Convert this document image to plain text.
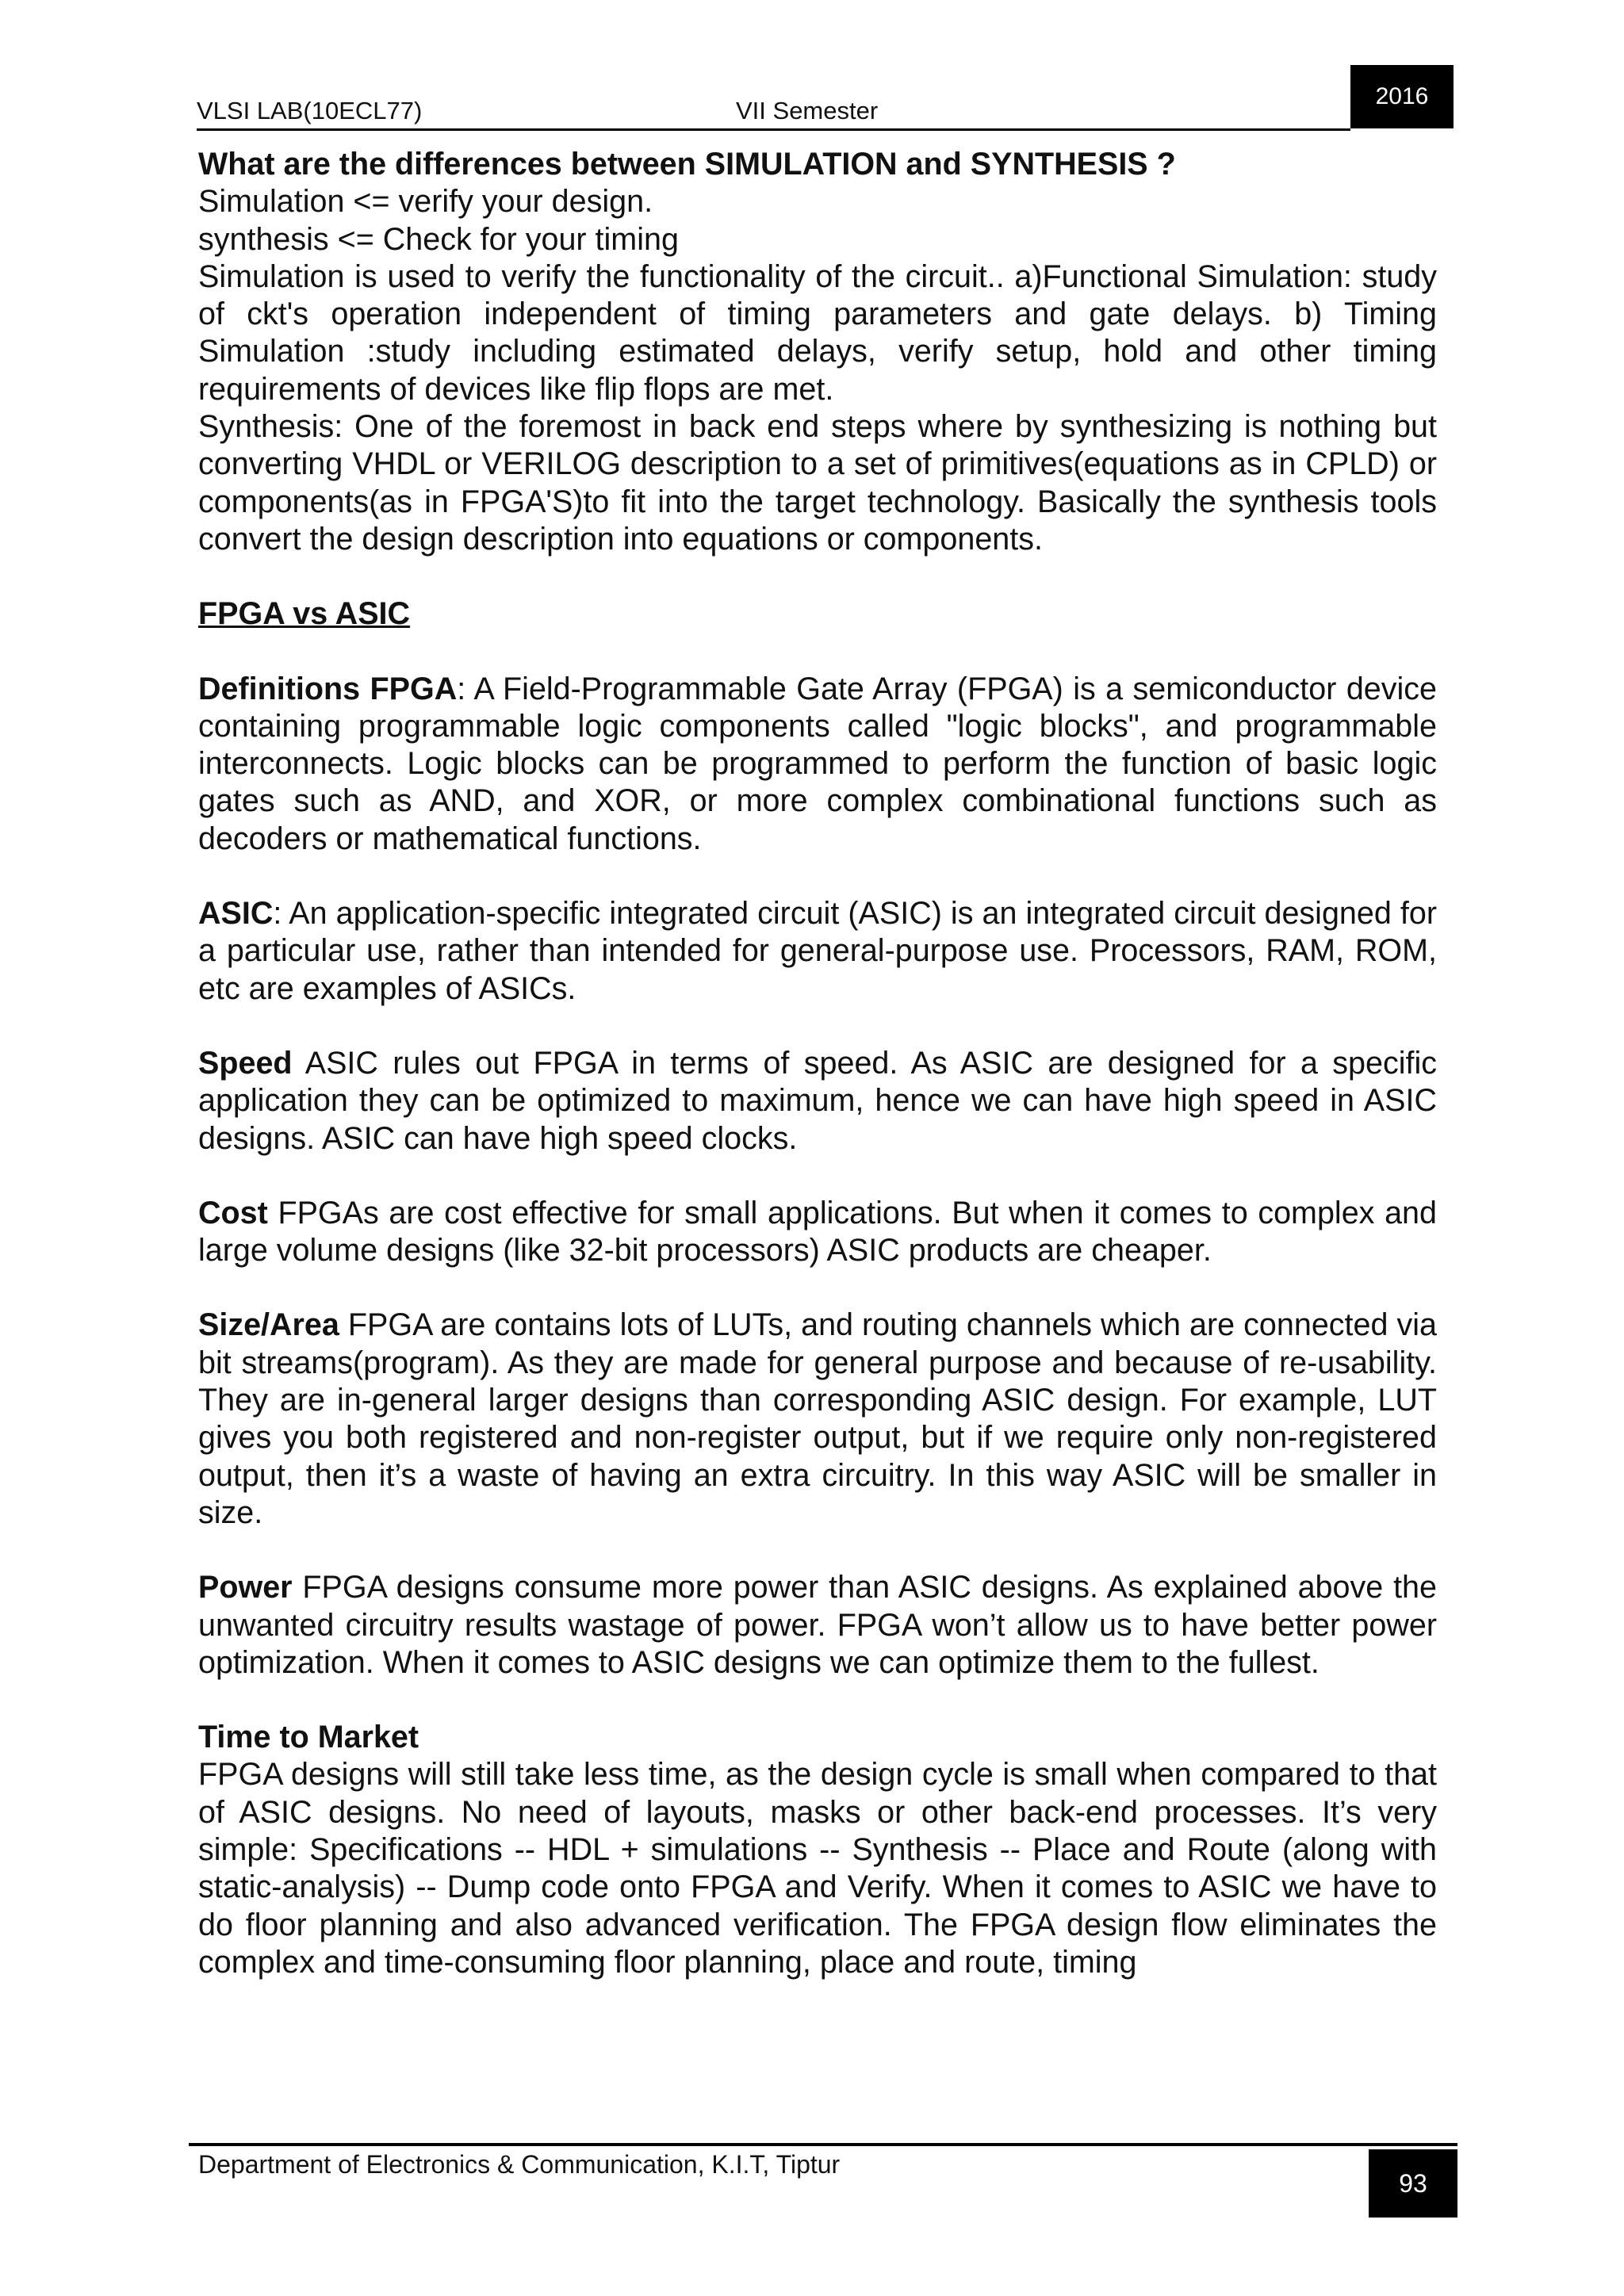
VLSI LAB(10ECL77)	VII Semester
2016

What are the differences between SIMULATION and SYNTHESIS ?

Simulation <= verify your design.

synthesis <= Check for your timing

Simulation is used to verify the functionality of the circuit.. a)Functional Simulation: study of ckt's operation independent of timing parameters and gate delays. b) Timing Simulation :study including estimated delays, verify setup, hold and other timing requirements of devices like flip flops are met.

Synthesis: One of the foremost in back end steps where by synthesizing is nothing but converting VHDL or VERILOG description to a set of primitives(equations as in CPLD) or components(as in FPGA'S)to fit into the target technology. Basically the synthesis tools convert the design description into equations or components.

FPGA vs ASIC

Definitions FPGA: A Field-Programmable Gate Array (FPGA) is a semiconductor device containing programmable logic components called "logic blocks", and programmable interconnects. Logic blocks can be programmed to perform the function of basic logic gates such as AND, and XOR, or more complex combinational functions such as decoders or mathematical functions.

ASIC: An application-specific integrated circuit (ASIC) is an integrated circuit designed for a particular use, rather than intended for general-purpose use. Processors, RAM, ROM, etc are examples of ASICs.

Speed ASIC rules out FPGA in terms of speed. As ASIC are designed for a specific application they can be optimized to maximum, hence we can have high speed in ASIC designs. ASIC can have high speed clocks.

Cost FPGAs are cost effective for small applications. But when it comes to complex and large volume designs (like 32-bit processors) ASIC products are cheaper.

Size/Area FPGA are contains lots of LUTs, and routing channels which are connected via bit streams(program). As they are made for general purpose and because of re-usability. They are in-general larger designs than corresponding ASIC design. For example, LUT gives you both registered and non-register output, but if we require only non-registered output, then it’s a waste of having an extra circuitry. In this way ASIC will be smaller in size.

Power FPGA designs consume more power than ASIC designs. As explained above the unwanted circuitry results wastage of power. FPGA won’t allow us to have better power optimization. When it comes to ASIC designs we can optimize them to the fullest.

Time to Market

FPGA designs will still take less time, as the design cycle is small when compared to that of ASIC designs. No need of layouts, masks or other back-end processes. It’s very simple: Specifications -- HDL + simulations -- Synthesis -- Place and Route (along with static-analysis) -- Dump code onto FPGA and Verify. When it comes to ASIC we have to do floor planning and also advanced verification. The FPGA design flow eliminates the complex and time-consuming floor planning, place and route, timing

Department of Electronics & Communication, K.I.T, Tiptur
93
